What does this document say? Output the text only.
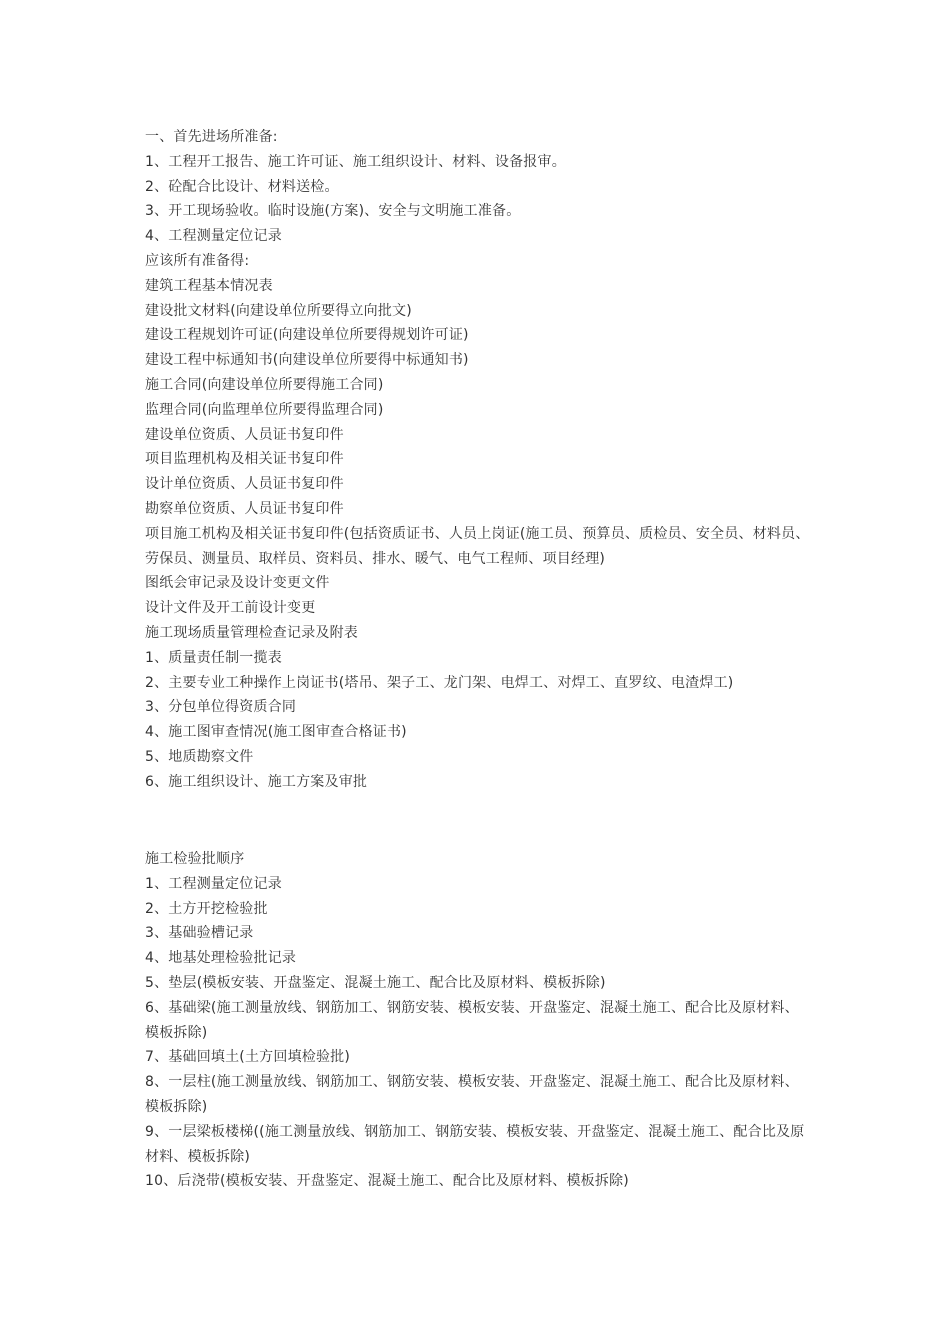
一、首先进场所准备:
1、工程开工报告、施工许可证、施工组织设计、材料、设备报审。
2、砼配合比设计、材料送检。
3、开工现场验收。临时设施(方案)、安全与文明施工准备。
4、工程测量定位记录
应该所有准备得:
建筑工程基本情况表
建设批文材料(向建设单位所要得立向批文)
建设工程规划许可证(向建设单位所要得规划许可证)
建设工程中标通知书(向建设单位所要得中标通知书)
施工合同(向建设单位所要得施工合同)
监理合同(向监理单位所要得监理合同)
建设单位资质、人员证书复印件
项目监理机构及相关证书复印件
设计单位资质、人员证书复印件
勘察单位资质、人员证书复印件
项目施工机构及相关证书复印件(包括资质证书、人员上岗证(施工员、预算员、质检员、安全员、材料员、劳保员、测量员、取样员、资料员、排水、暖气、电气工程师、项目经理)
图纸会审记录及设计变更文件
设计文件及开工前设计变更
施工现场质量管理检查记录及附表
1、质量责任制一揽表
2、主要专业工种操作上岗证书(塔吊、架子工、龙门架、电焊工、对焊工、直罗纹、电渣焊工)
3、分包单位得资质合同
4、施工图审查情况(施工图审查合格证书)
5、地质勘察文件
6、施工组织设计、施工方案及审批
施工检验批顺序
1、工程测量定位记录
2、土方开挖检验批
3、基础验槽记录
4、地基处理检验批记录
5、垫层(模板安装、开盘鉴定、混凝土施工、配合比及原材料、模板拆除)
6、基础梁(施工测量放线、钢筋加工、钢筋安装、模板安装、开盘鉴定、混凝土施工、配合比及原材料、模板拆除)
7、基础回填土(土方回填检验批)
8、一层柱(施工测量放线、钢筋加工、钢筋安装、模板安装、开盘鉴定、混凝土施工、配合比及原材料、模板拆除)
9、一层梁板楼梯((施工测量放线、钢筋加工、钢筋安装、模板安装、开盘鉴定、混凝土施工、配合比及原材料、模板拆除)
10、后浇带(模板安装、开盘鉴定、混凝土施工、配合比及原材料、模板拆除)
